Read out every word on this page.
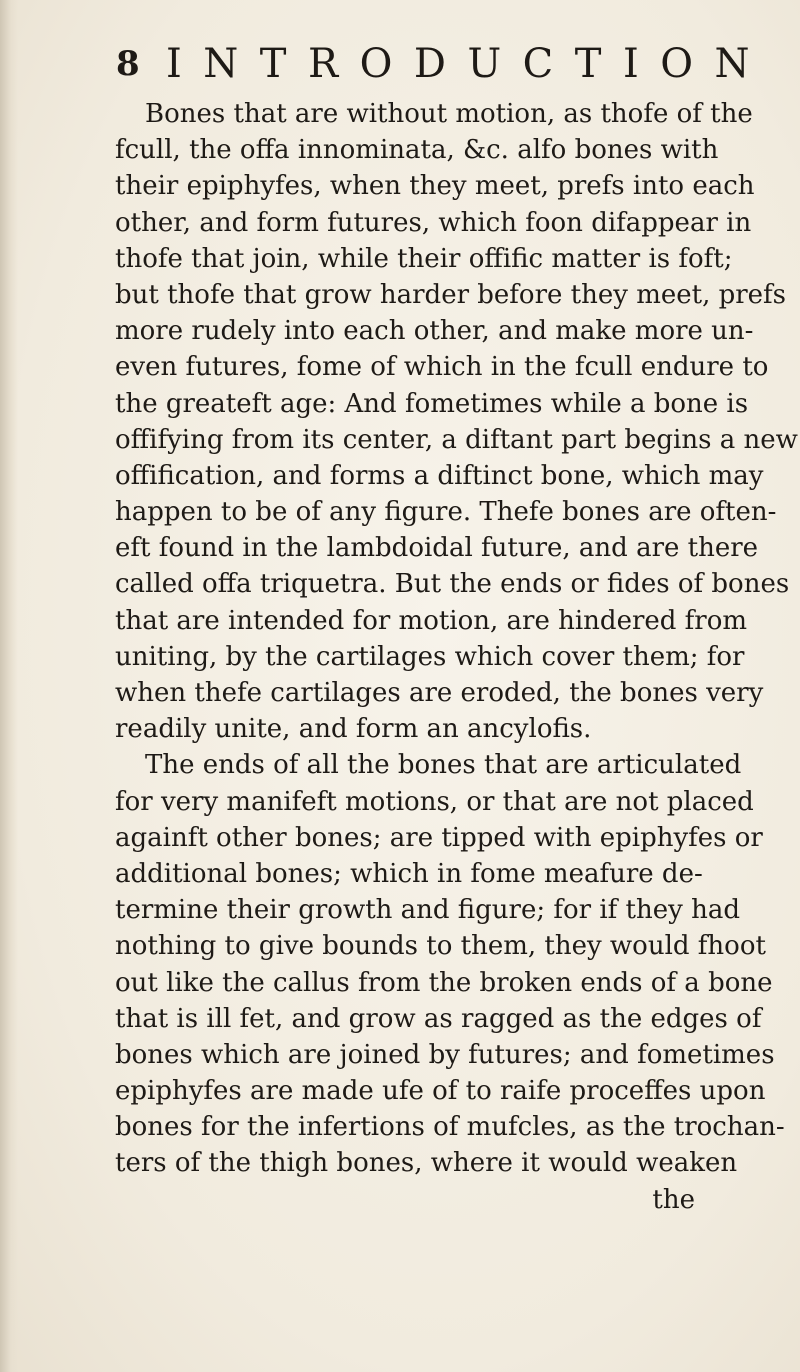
8 INTRODUCTION
Bones that are without motion, as thofe of the
fcull, the offa innominata, &c. alfo bones with
their epiphyfes, when they meet, prefs into each
other, and form futures, which foon difappear in
thofe that join, while their offific matter is foft;
but thofe that grow harder before they meet, prefs
more rudely into each other, and make more un-
even futures, fome of which in the fcull endure to
the greateft age: And fometimes while a bone is
offifying from its center, a diftant part begins a new
offification, and forms a diftinct bone, which may
happen to be of any figure. Thefe bones are often-
eft found in the lambdoidal future, and are there
called offa triquetra. But the ends or fides of bones
that are intended for motion, are hindered from
uniting, by the cartilages which cover them; for
when thefe cartilages are eroded, the bones very
readily unite, and form an ancylofis.
The ends of all the bones that are articulated
for very manifeft motions, or that are not placed
againft other bones; are tipped with epiphyfes or
additional bones; which in fome meafure de-
termine their growth and figure; for if they had
nothing to give bounds to them, they would fhoot
out like the callus from the broken ends of a bone
that is ill fet, and grow as ragged as the edges of
bones which are joined by futures; and fometimes
epiphyfes are made ufe of to raife proceffes upon
bones for the infertions of mufcles, as the trochan-
ters of the thigh bones, where it would weaken
the
